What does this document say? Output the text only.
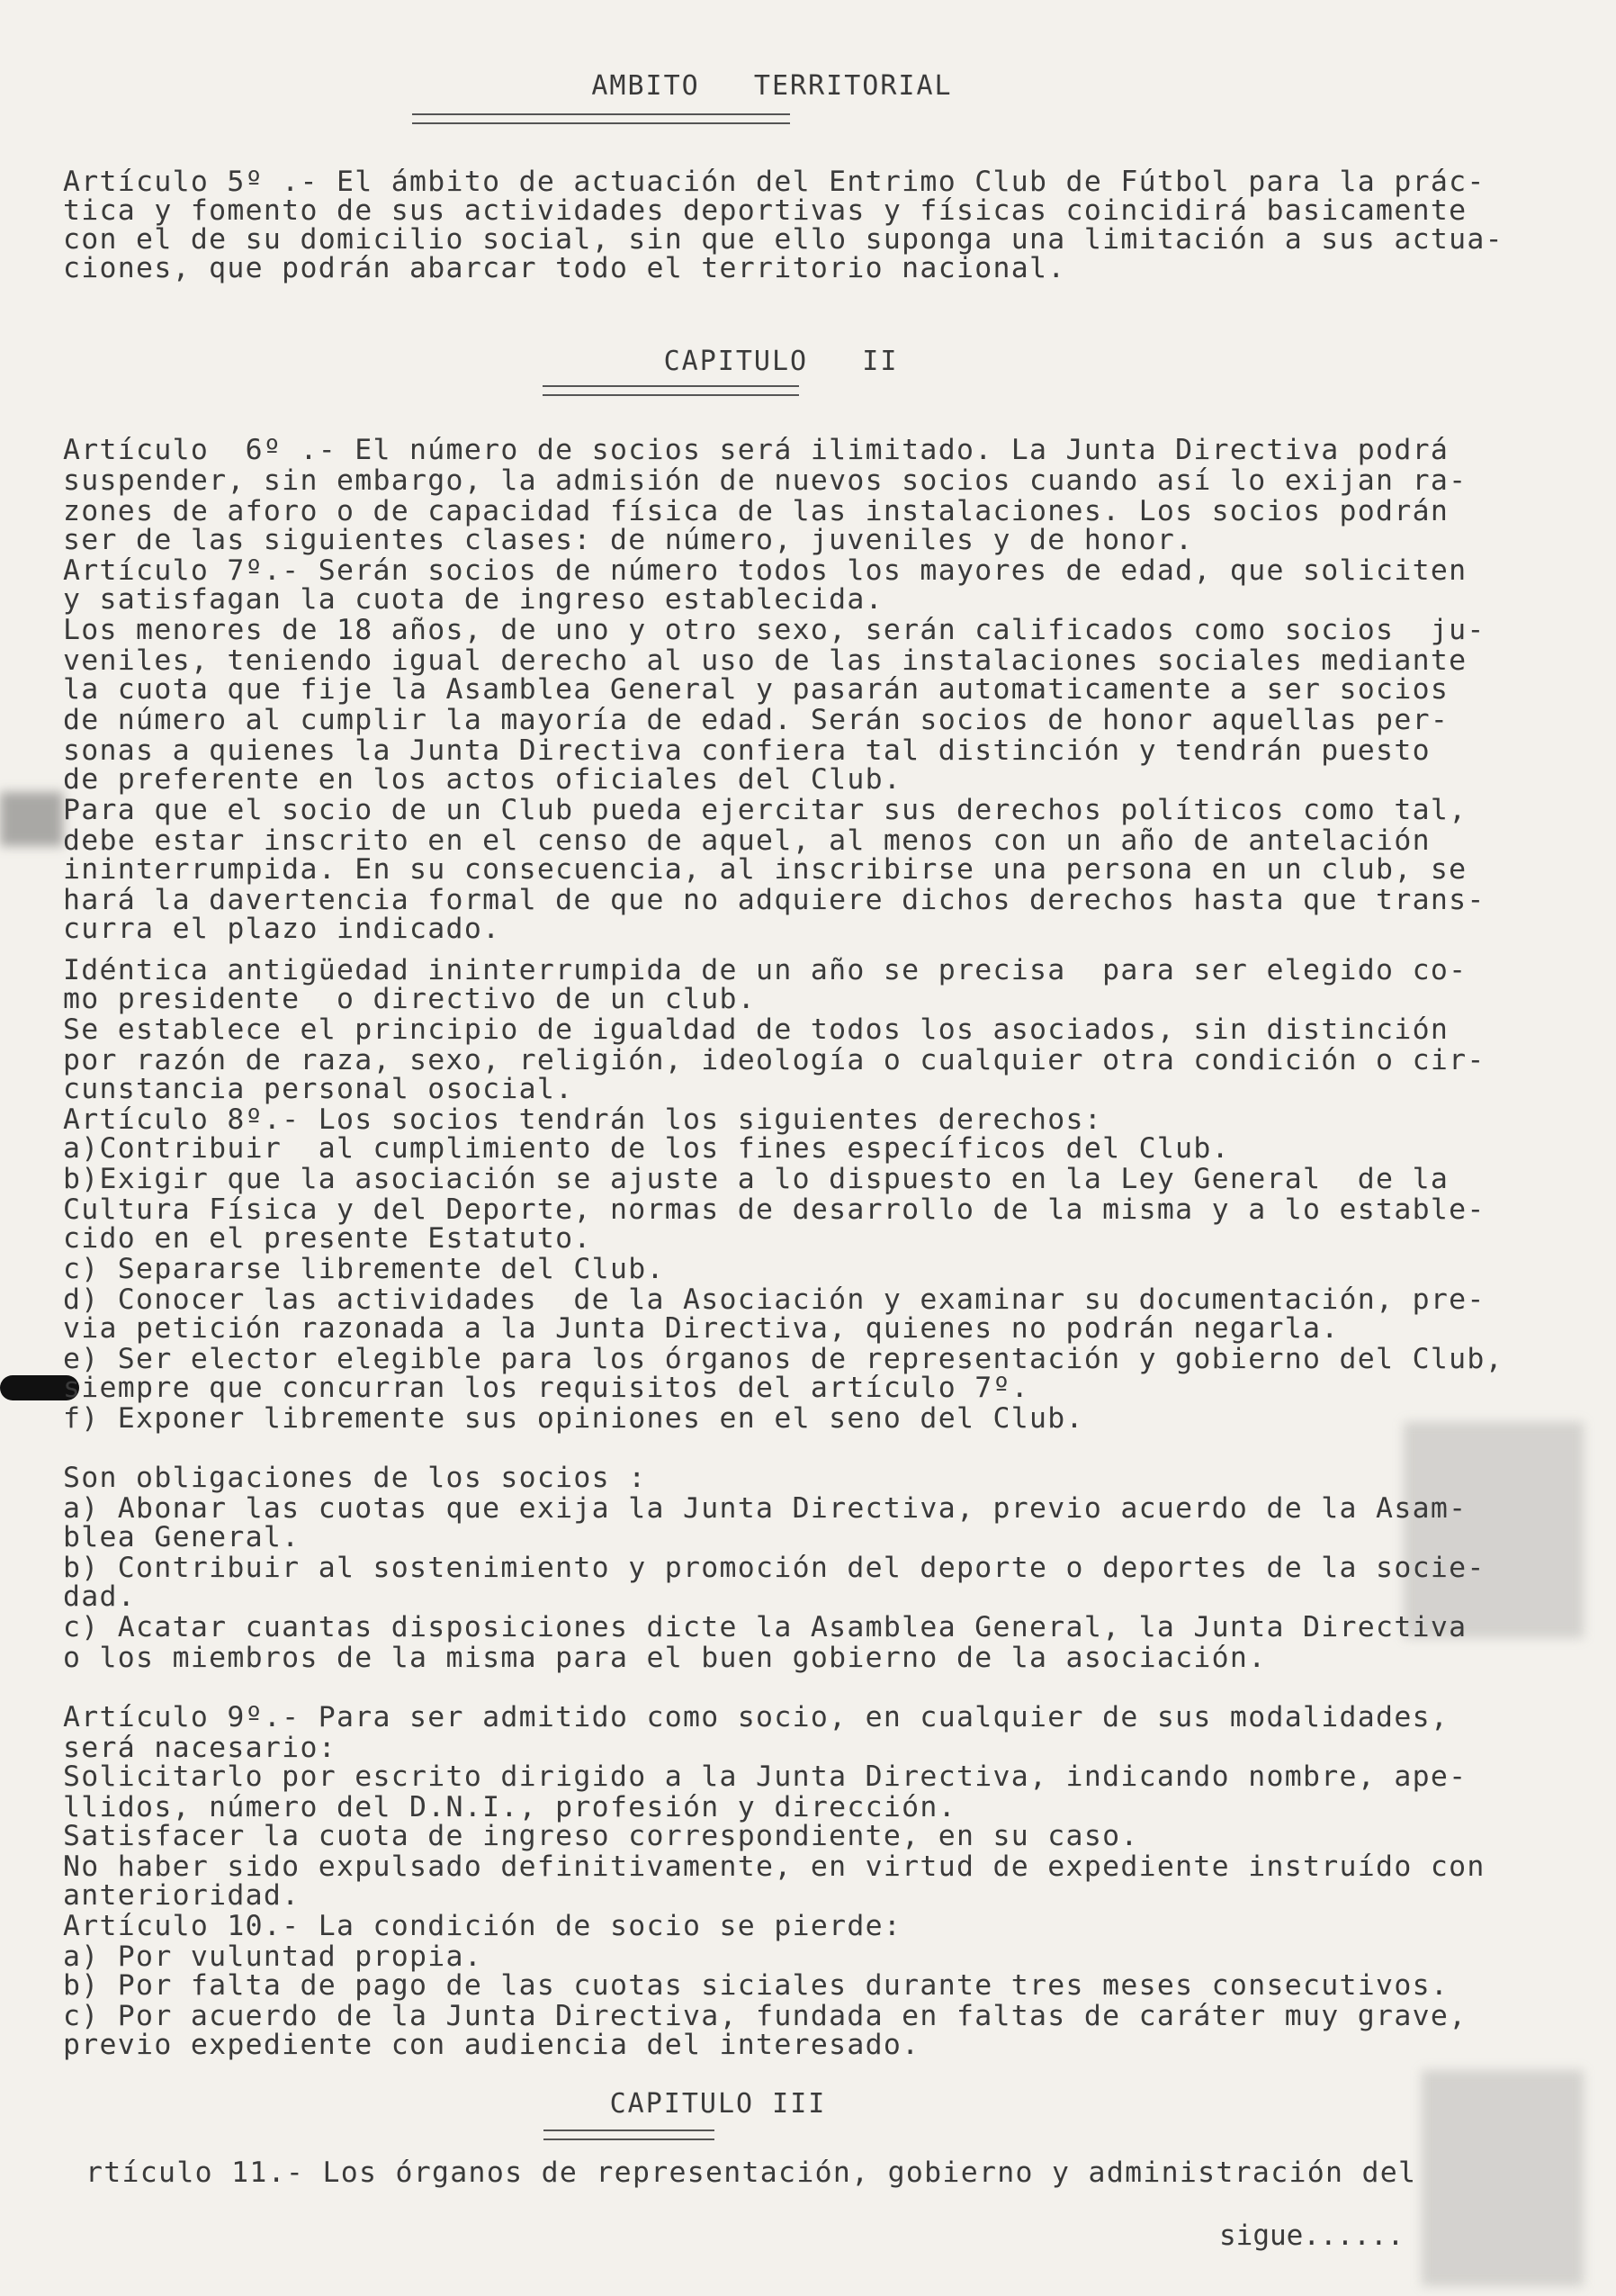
AMBITO   TERRITORIAL
Artículo 5º .- El ámbito de actuación del Entrimo Club de Fútbol para la prác-
tica y fomento de sus actividades deportivas y físicas coincidirá basicamente
con el de su domicilio social, sin que ello suponga una limitación a sus actua-
ciones, que podrán abarcar todo el territorio nacional.
CAPITULO   II
Artículo  6º .- El número de socios será ilimitado. La Junta Directiva podrá
suspender, sin embargo, la admisión de nuevos socios cuando así lo exijan ra-
zones de aforo o de capacidad física de las instalaciones. Los socios podrán
ser de las siguientes clases: de número, juveniles y de honor.
Artículo 7º.- Serán socios de número todos los mayores de edad, que soliciten
y satisfagan la cuota de ingreso establecida.
Los menores de 18 años, de uno y otro sexo, serán calificados como socios  ju-
veniles, teniendo igual derecho al uso de las instalaciones sociales mediante
la cuota que fije la Asamblea General y pasarán automaticamente a ser socios
de número al cumplir la mayoría de edad. Serán socios de honor aquellas per-
sonas a quienes la Junta Directiva confiera tal distinción y tendrán puesto
de preferente en los actos oficiales del Club.
Para que el socio de un Club pueda ejercitar sus derechos políticos como tal,
debe estar inscrito en el censo de aquel, al menos con un año de antelación
ininterrumpida. En su consecuencia, al inscribirse una persona en un club, se
hará la davertencia formal de que no adquiere dichos derechos hasta que trans-
curra el plazo indicado.
Idéntica antigüedad ininterrumpida de un año se precisa  para ser elegido co-
mo presidente  o directivo de un club.
Se establece el principio de igualdad de todos los asociados, sin distinción
por razón de raza, sexo, religión, ideología o cualquier otra condición o cir-
cunstancia personal osocial.
Artículo 8º.- Los socios tendrán los siguientes derechos:
a)Contribuir  al cumplimiento de los fines específicos del Club.
b)Exigir que la asociación se ajuste a lo dispuesto en la Ley General  de la
Cultura Física y del Deporte, normas de desarrollo de la misma y a lo estable-
cido en el presente Estatuto.
c) Separarse libremente del Club.
d) Conocer las actividades  de la Asociación y examinar su documentación, pre-
via petición razonada a la Junta Directiva, quienes no podrán negarla.
e) Ser elector elegible para los órganos de representación y gobierno del Club,
siempre que concurran los requisitos del artículo 7º.
f) Exponer libremente sus opiniones en el seno del Club.
Son obligaciones de los socios :
a) Abonar las cuotas que exija la Junta Directiva, previo acuerdo de la Asam-
blea General.
b) Contribuir al sostenimiento y promoción del deporte o deportes de la socie-
dad.
c) Acatar cuantas disposiciones dicte la Asamblea General, la Junta Directiva
o los miembros de la misma para el buen gobierno de la asociación.
Artículo 9º.- Para ser admitido como socio, en cualquier de sus modalidades,
será nacesario:
Solicitarlo por escrito dirigido a la Junta Directiva, indicando nombre, ape-
llidos, número del D.N.I., profesión y dirección.
Satisfacer la cuota de ingreso correspondiente, en su caso.
No haber sido expulsado definitivamente, en virtud de expediente instruído con
anterioridad.
Artículo 10.- La condición de socio se pierde:
a) Por vuluntad propia.
b) Por falta de pago de las cuotas siciales durante tres meses consecutivos.
c) Por acuerdo de la Junta Directiva, fundada en faltas de caráter muy grave,
previo expediente con audiencia del interesado.
CAPITULO III
rtículo 11.- Los órganos de representación, gobierno y administración del
sigue......
